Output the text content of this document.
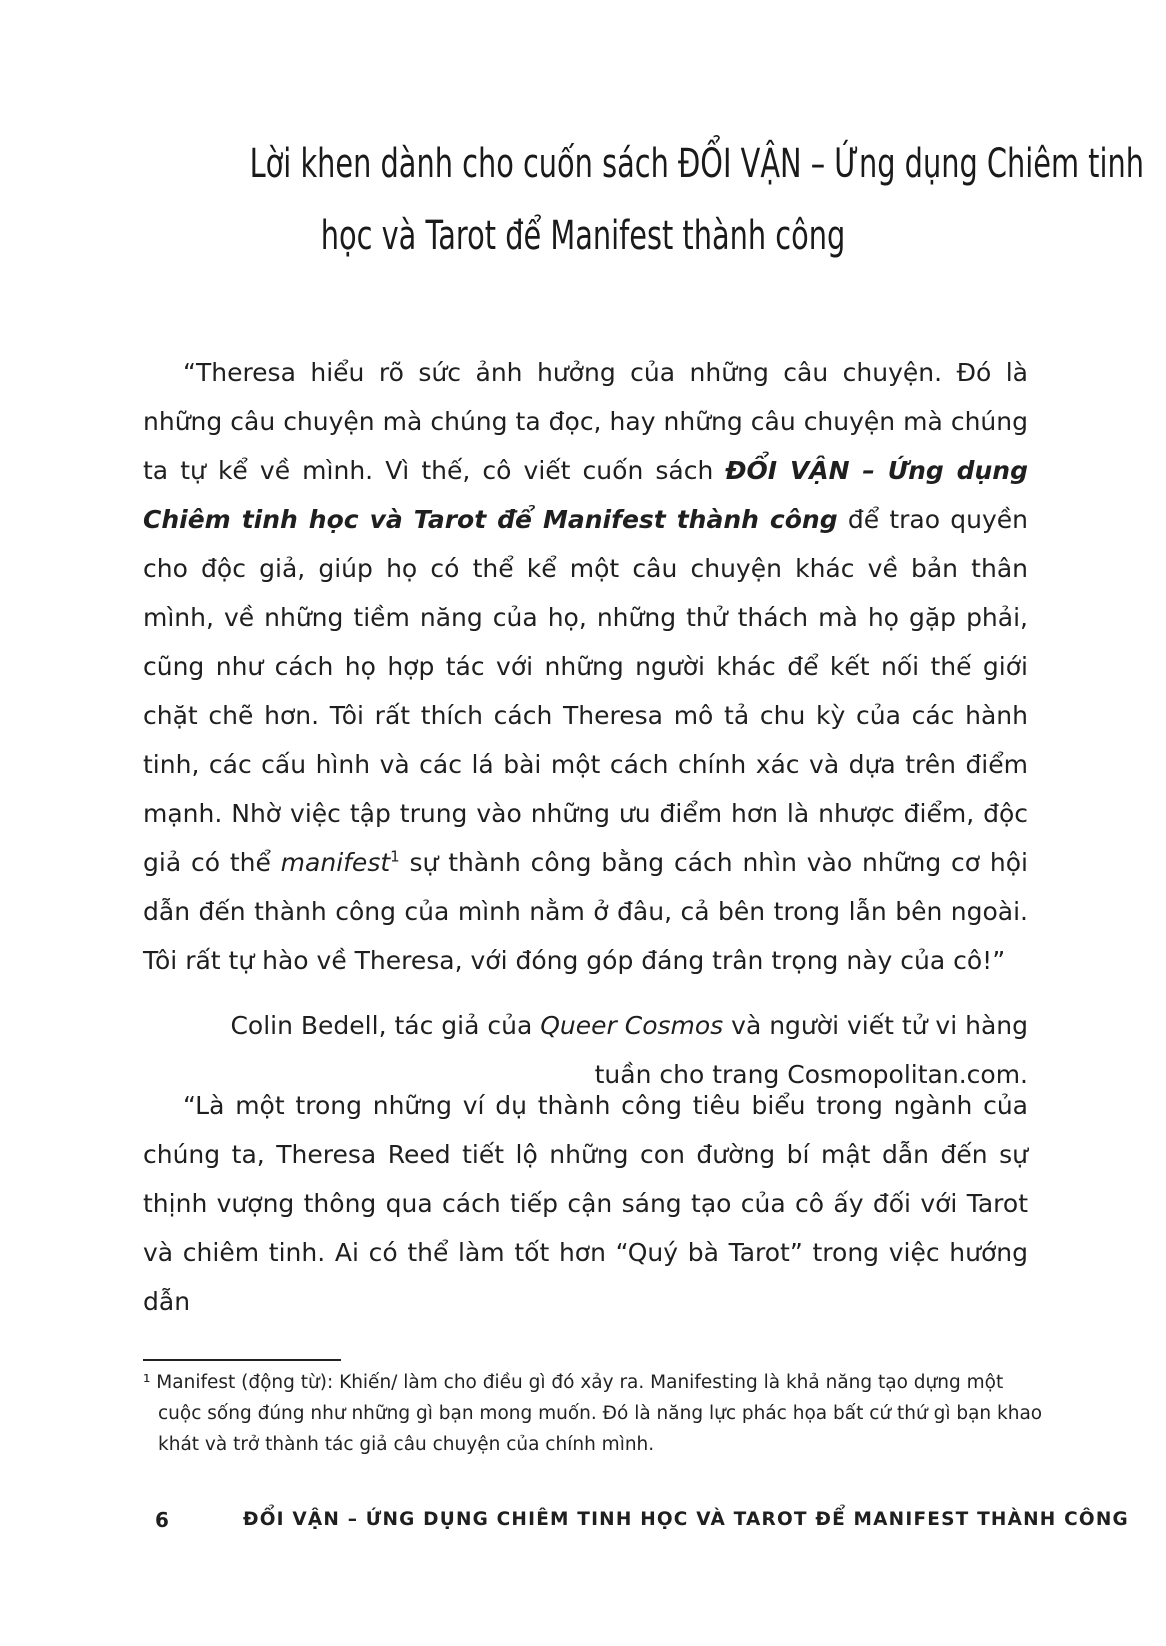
Lời khen dành cho cuốn sách ĐỔI VẬN – Ứng dụng Chiêm tinh
học và Tarot để Manifest thành công

“Theresa hiểu rõ sức ảnh hưởng của những câu chuyện. Đó là những câu chuyện mà chúng ta đọc, hay những câu chuyện mà chúng ta tự kể về mình. Vì thế, cô viết cuốn sách ĐỔI VẬN – Ứng dụng Chiêm tinh học và Tarot để Manifest thành công để trao quyền cho độc giả, giúp họ có thể kể một câu chuyện khác về bản thân mình, về những tiềm năng của họ, những thử thách mà họ gặp phải, cũng như cách họ hợp tác với những người khác để kết nối thế giới chặt chẽ hơn. Tôi rất thích cách Theresa mô tả chu kỳ của các hành tinh, các cấu hình và các lá bài một cách chính xác và dựa trên điểm mạnh. Nhờ việc tập trung vào những ưu điểm hơn là nhược điểm, độc giả có thể manifest$^1$ sự thành công bằng cách nhìn vào những cơ hội dẫn đến thành công của mình nằm ở đâu, cả bên trong lẫn bên ngoài. Tôi rất tự hào về Theresa, với đóng góp đáng trân trọng này của cô!”

Colin Bedell, tác giả của Queer Cosmos và người viết tử vi hàng
tuần cho trang Cosmopolitan.com.

“Là một trong những ví dụ thành công tiêu biểu trong ngành của chúng ta, Theresa Reed tiết lộ những con đường bí mật dẫn đến sự thịnh vượng thông qua cách tiếp cận sáng tạo của cô ấy đối với Tarot và chiêm tinh. Ai có thể làm tốt hơn “Quý bà Tarot” trong việc hướng dẫn

¹ Manifest (động từ): Khiến/ làm cho điều gì đó xảy ra. Manifesting là khả năng tạo dựng một
cuộc sống đúng như những gì bạn mong muốn. Đó là năng lực phác họa bất cứ thứ gì bạn khao
khát và trở thành tác giả câu chuyện của chính mình.
6	ĐỔI VẬN – ỨNG DỤNG CHIÊM TINH HỌC VÀ TAROT ĐỂ MANIFEST THÀNH CÔNG
